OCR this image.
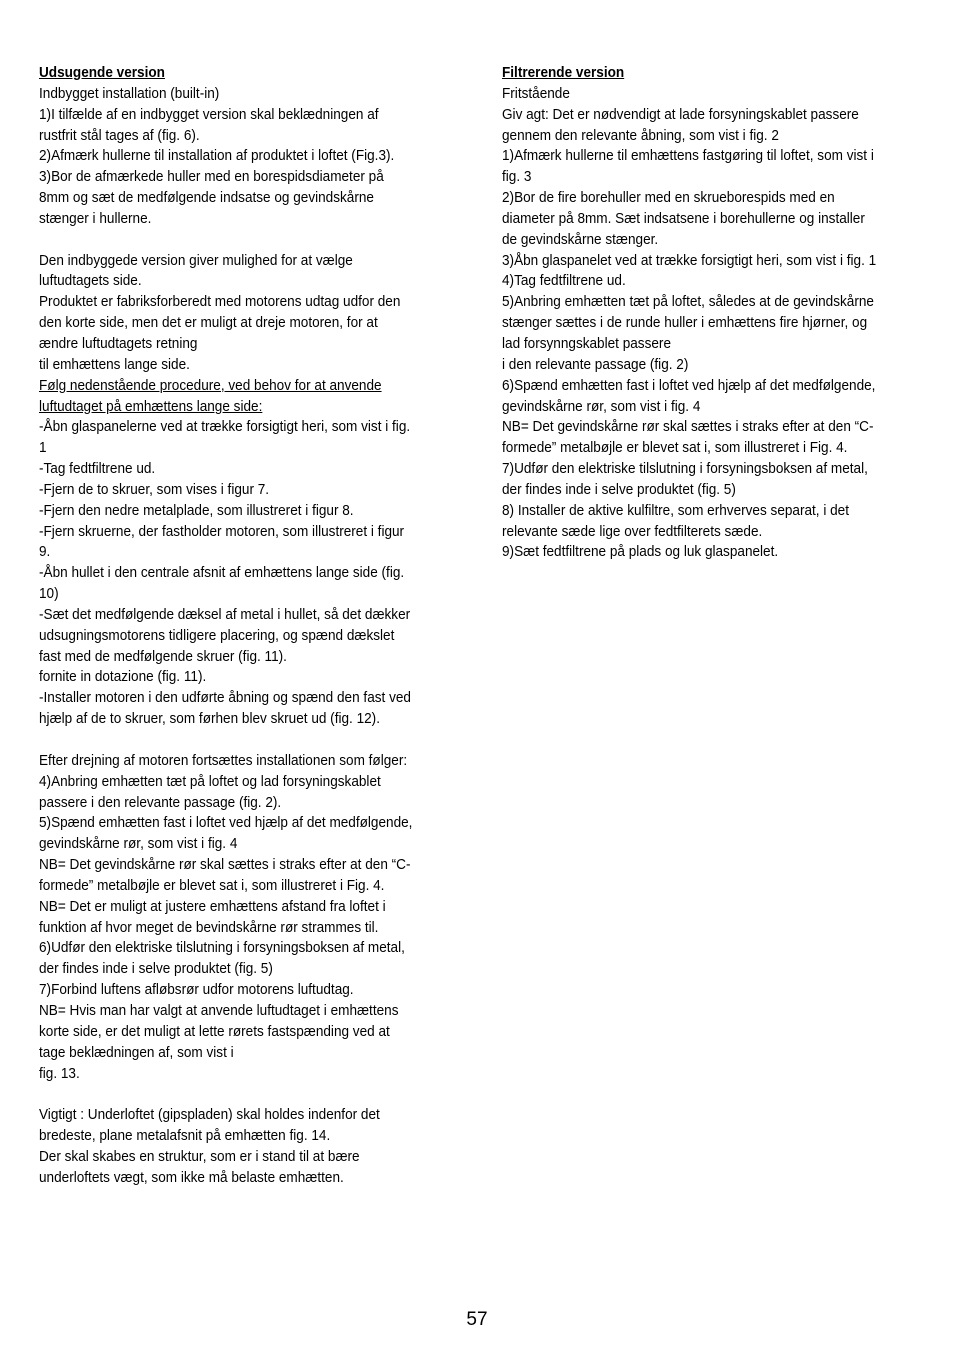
Udsugende version
Indbygget installation (built-in)
1)I tilfælde af en indbygget version skal beklædningen af
rustfrit stål tages af (fig. 6).
2)Afmærk hullerne til installation af produktet i loftet (Fig.3).
3)Bor de afmærkede huller med en borespidsdiameter på
8mm og sæt de medfølgende indsatse og gevindskårne
stænger i hullerne.
Den indbyggede version giver mulighed for at vælge
luftudtagets side.
Produktet er fabriksforberedt med motorens udtag udfor den
den korte side, men det er muligt at dreje motoren, for at
ændre luftudtagets retning
til emhættens lange side.
Følg nedenstående procedure, ved behov for at anvende
luftudtaget på emhættens lange side:
-Åbn glaspanelerne ved at trække forsigtigt heri, som vist i fig.
1
-Tag fedtfiltrene ud.
-Fjern de to skruer, som vises i figur 7.
-Fjern den nedre metalplade, som illustreret i figur 8.
-Fjern skruerne, der fastholder motoren, som illustreret i figur
9.
-Åbn hullet i den centrale afsnit af emhættens lange side (fig.
10)
-Sæt det medfølgende dæksel af metal i hullet, så det dækker
udsugningsmotorens tidligere placering, og spænd dækslet
fast med de medfølgende skruer (fig. 11).
fornite in dotazione (fig. 11).
-Installer motoren i den udførte åbning og spænd den fast ved
hjælp af de to skruer, som førhen blev skruet ud (fig. 12).
Efter drejning af motoren fortsættes installationen som følger:
4)Anbring emhætten tæt på loftet og lad forsyningskablet
passere i den relevante passage (fig. 2).
5)Spænd emhætten fast i loftet ved hjælp af det medfølgende,
gevindskårne rør, som vist i fig. 4
NB= Det gevindskårne rør skal sættes i straks efter at den “C-
formede” metalbøjle er blevet sat i, som illustreret i Fig. 4.
NB= Det er muligt at justere emhættens afstand fra loftet i
funktion af hvor meget de bevindskårne rør strammes til.
6)Udfør den elektriske tilslutning i forsyningsboksen af metal,
der findes inde i selve produktet (fig. 5)
7)Forbind luftens afløbsrør udfor motorens luftudtag.
NB= Hvis man har valgt at anvende luftudtaget i emhættens
korte side, er det muligt at lette rørets fastspænding ved at
tage beklædningen af, som vist i
fig. 13.
Vigtigt : Underloftet (gipspladen) skal holdes indenfor det
bredeste, plane metalafsnit på emhætten fig. 14.
Der skal skabes en struktur, som er i stand til at bære
underloftets vægt, som ikke må belaste emhætten.
Filtrerende version
Fritstående
Giv agt: Det er nødvendigt at lade forsyningskablet passere
gennem den relevante åbning, som vist i fig. 2
1)Afmærk hullerne til emhættens fastgøring til loftet, som vist i
fig. 3
2)Bor de fire borehuller med en skrueborespids med en
diameter på 8mm. Sæt indsatsene i borehullerne og installer
de gevindskårne stænger.
3)Åbn glaspanelet ved at trække forsigtigt heri, som vist i fig. 1
4)Tag fedtfiltrene ud.
5)Anbring emhætten tæt på loftet, således at de gevindskårne
stænger sættes i de runde huller i emhættens fire hjørner, og
lad forsynngskablet passere
i den relevante passage (fig. 2)
6)Spænd emhætten fast i loftet ved hjælp af det medfølgende,
gevindskårne rør, som vist i fig. 4
NB= Det gevindskårne rør skal sættes i straks efter at den “C-
formede” metalbøjle er blevet sat i, som illustreret i Fig. 4.
7)Udfør den elektriske tilslutning i forsyningsboksen af metal,
der findes inde i selve produktet (fig. 5)
8) Installer de aktive kulfiltre, som erhverves separat, i det
relevante sæde lige over fedtfilterets sæde.
9)Sæt fedtfiltrene på plads og luk glaspanelet.
57
